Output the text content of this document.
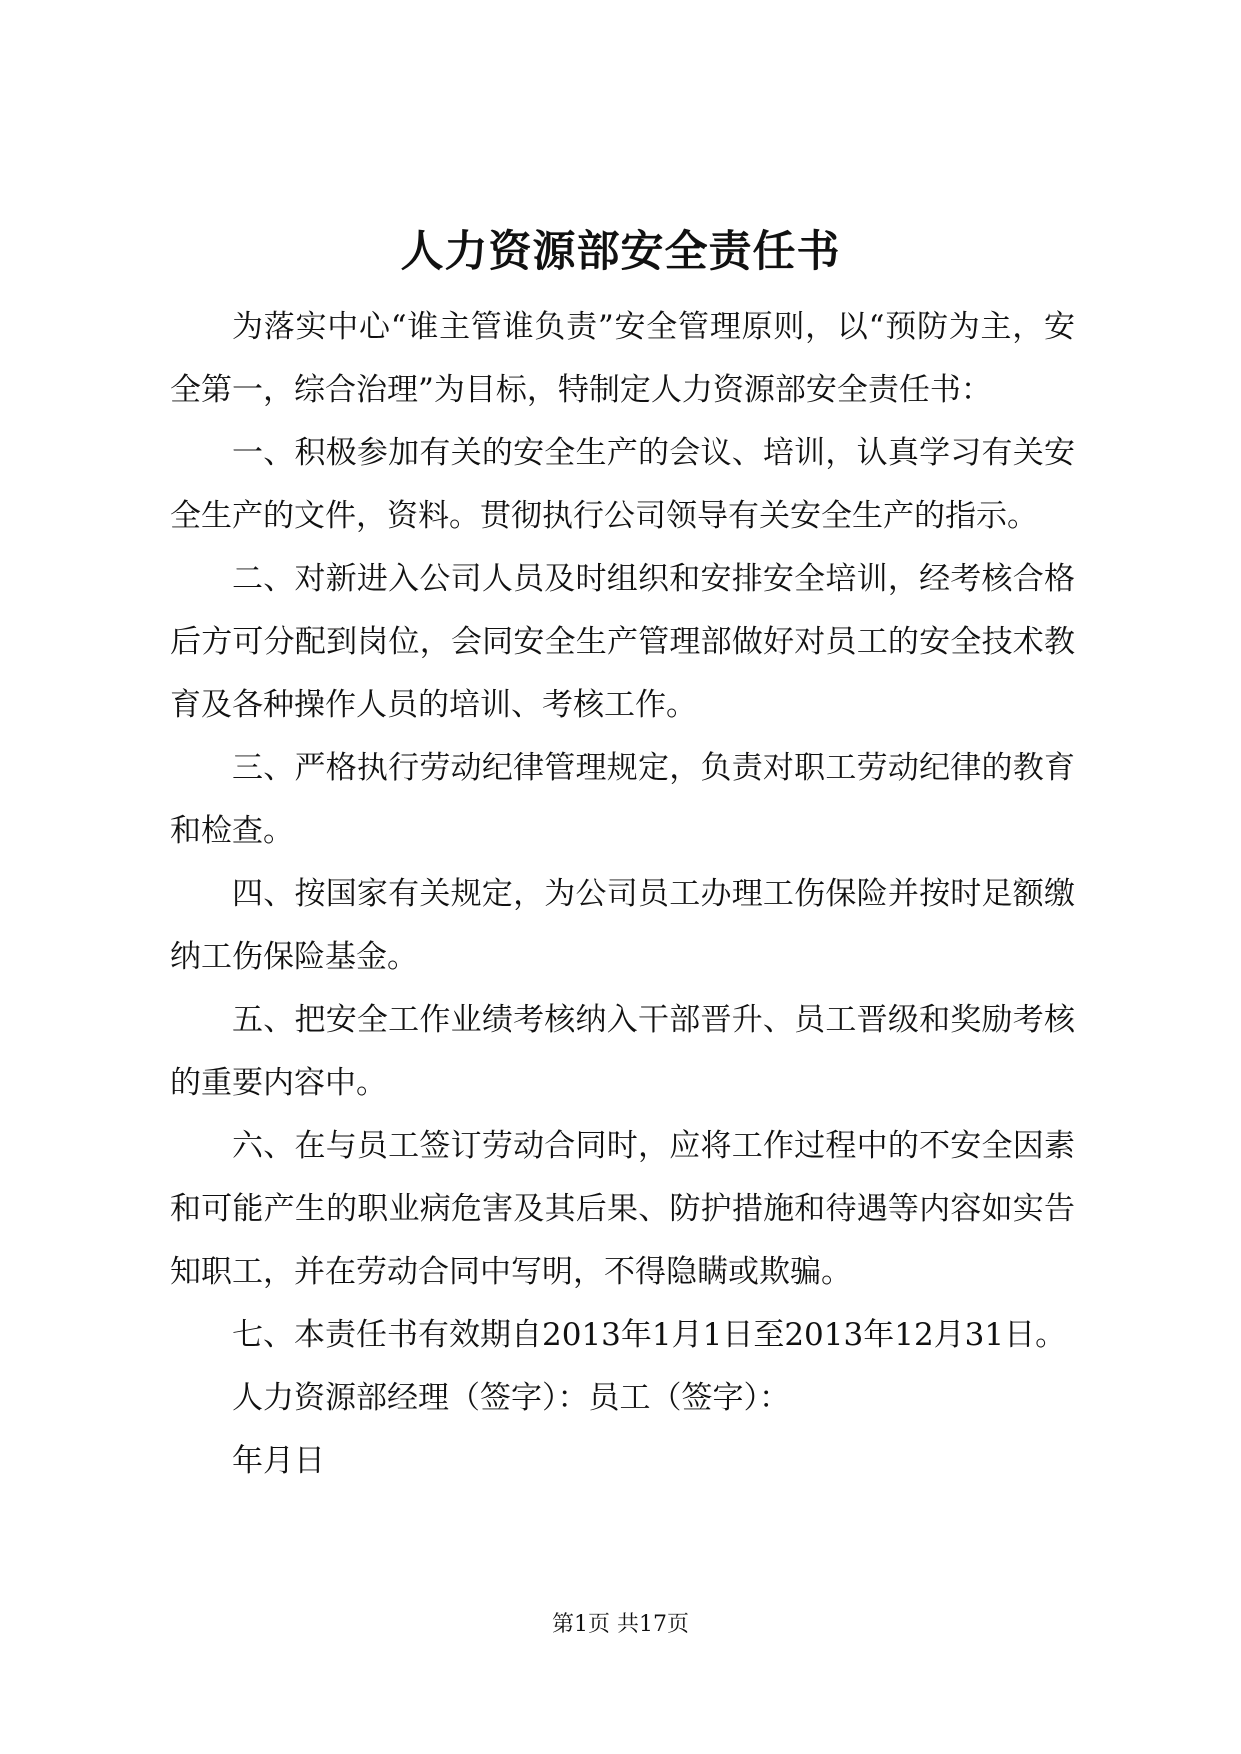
人力资源部安全责任书

为落实中心“谁主管谁负责”安全管理原则，以“预防为主，安全第一，综合治理”为目标，特制定人力资源部安全责任书：

一、积极参加有关的安全生产的会议、培训，认真学习有关安全生产的文件，资料。贯彻执行公司领导有关安全生产的指示。

二、对新进入公司人员及时组织和安排安全培训，经考核合格后方可分配到岗位，会同安全生产管理部做好对员工的安全技术教育及各种操作人员的培训、考核工作。

三、严格执行劳动纪律管理规定，负责对职工劳动纪律的教育和检查。

四、按国家有关规定，为公司员工办理工伤保险并按时足额缴纳工伤保险基金。

五、把安全工作业绩考核纳入干部晋升、员工晋级和奖励考核的重要内容中。

六、在与员工签订劳动合同时，应将工作过程中的不安全因素和可能产生的职业病危害及其后果、防护措施和待遇等内容如实告知职工，并在劳动合同中写明，不得隐瞒或欺骗。

七、本责任书有效期自2013年1月1日至2013年12月31日。

人力资源部经理（签字）：员工（签字）：

年月日

第1页 共17页
